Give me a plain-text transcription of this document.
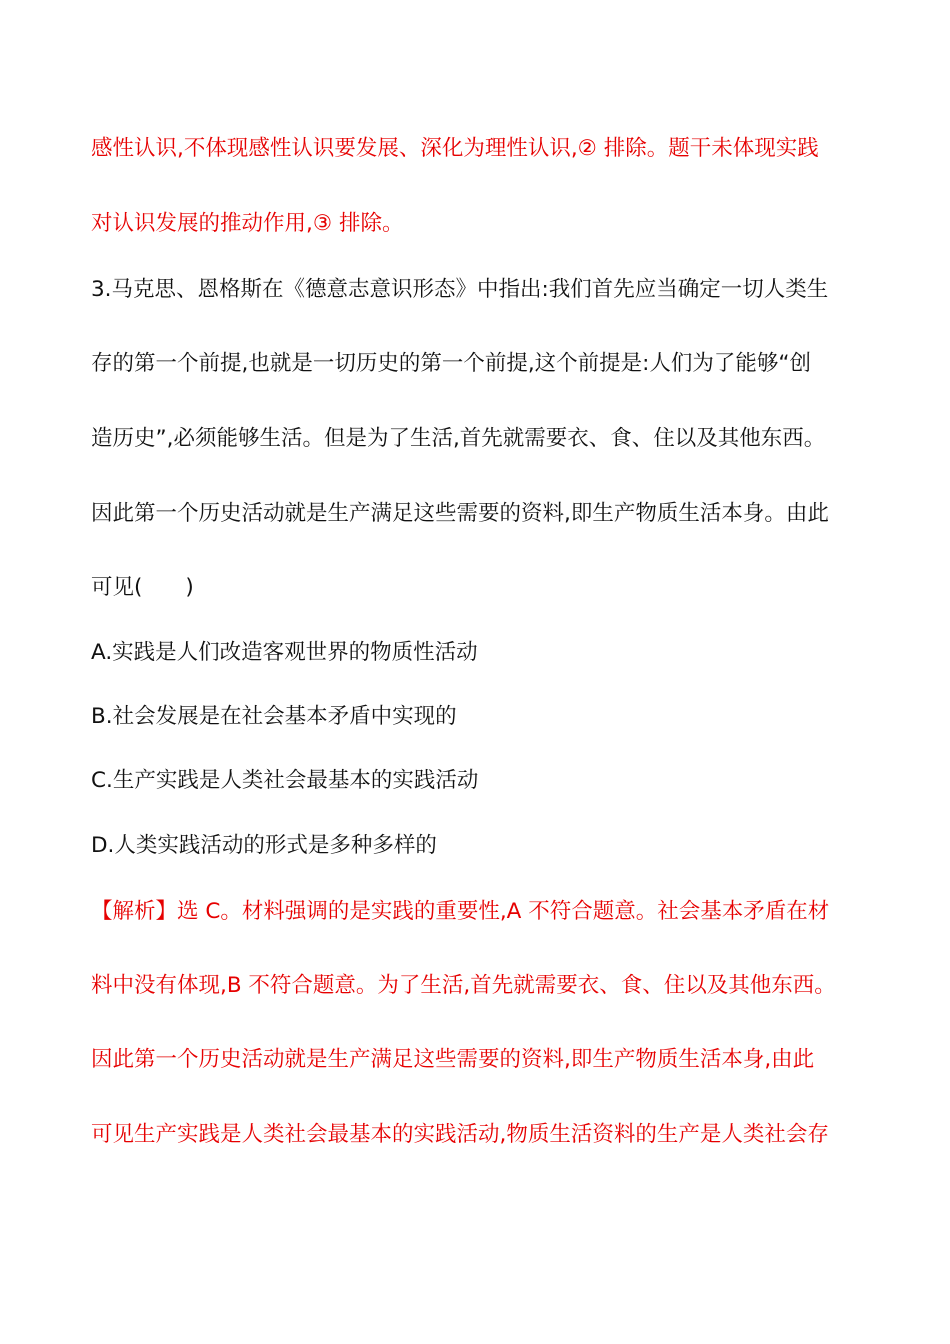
感性认识,不体现感性认识要发展、深化为理性认识,② 排除。题干未体现实践
对认识发展的推动作用,③ 排除。
3.马克思、恩格斯在《德意志意识形态》中指出:我们首先应当确定一切人类生
存的第一个前提,也就是一切历史的第一个前提,这个前提是:人们为了能够“创
造历史”,必须能够生活。但是为了生活,首先就需要衣、食、住以及其他东西。
因此第一个历史活动就是生产满足这些需要的资料,即生产物质生活本身。由此
可见(　　)
A.实践是人们改造客观世界的物质性活动
B.社会发展是在社会基本矛盾中实现的
C.生产实践是人类社会最基本的实践活动
D.人类实践活动的形式是多种多样的
【解析】选 C。材料强调的是实践的重要性,A 不符合题意。社会基本矛盾在材
料中没有体现,B 不符合题意。为了生活,首先就需要衣、食、住以及其他东西。
因此第一个历史活动就是生产满足这些需要的资料,即生产物质生活本身,由此
可见生产实践是人类社会最基本的实践活动,物质生活资料的生产是人类社会存
